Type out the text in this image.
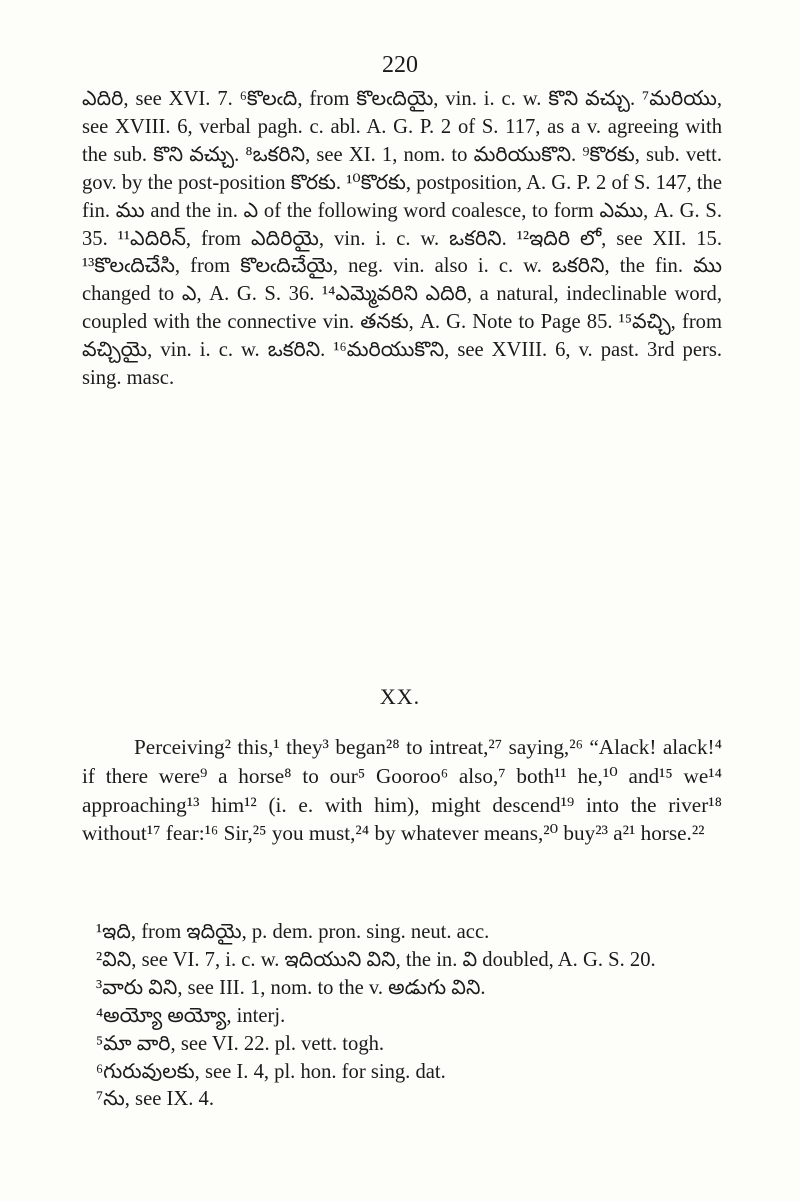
220

ఎదిరి, see XVI. 7. ⁶కొలఁది, from కొలఁదియై, vin. i. c. w. కొని వచ్చు. ⁷మరియు, see XVIII. 6, verbal pagh. c. abl. A. G. P. 2 of S. 117, as a v. agreeing with the sub. కొని వచ్చు. ⁸ఒకరిని, see XI. 1, nom. to మరియుకొని. ⁹కొరకు, sub. vett. gov. by the post-position కొరకు. ¹⁰కొరకు, postposition, A. G. P. 2 of S. 147, the fin. ము and the in. ఎ of the following word coalesce, to form ఎము, A. G. S. 35. ¹¹ఎదిరిన్, from ఎదిరియై, vin. i. c. w. ఒకరిని. ¹²ఇదిరి లో, see XII. 15. ¹³కొలఁదిచేసి, from కొలఁదిచేయై, neg. vin. also i. c. w. ఒకరిని, the fin. ము changed to ఎ, A. G. S. 36. ¹⁴ఎమ్మెవరిని ఎదిరి, a natural, indeclinable word, coupled with the connective vin. తనకు, A. G. Note to Page 85. ¹⁵వచ్చి, from వచ్చియై, vin. i. c. w. ఒకరిని. ¹⁶మరియుకొని, see XVIII. 6, v. past. 3rd pers. sing. masc.

XX.

Perceiving² this,¹ they³ began²⁸ to intreat,²⁷ saying,²⁶ “Alack! alack!⁴ if there were⁹ a horse⁸ to our⁵ Gooroo⁶ also,⁷ both¹¹ he,¹⁰ and¹⁵ we¹⁴ approaching¹³ him¹² (i. e. with him), might descend¹⁹ into the river¹⁸ without¹⁷ fear:¹⁶ Sir,²⁵ you must,²⁴ by whatever means,²⁰ buy²³ a²¹ horse.²²

¹ఇది, from ఇదియై, p. dem. pron. sing. neut. acc.

²విని, see VI. 7, i. c. w. ఇదియుని విని, the in. వి doubled, A. G. S. 20.

³వారు విని, see III. 1, nom. to the v. అడుగు విని.

⁴అయ్యో అయ్యో, interj.

⁵మా వారి, see VI. 22. pl. vett. togh.

⁶గురువులకు, see I. 4, pl. hon. for sing. dat.

⁷ను, see IX. 4.
